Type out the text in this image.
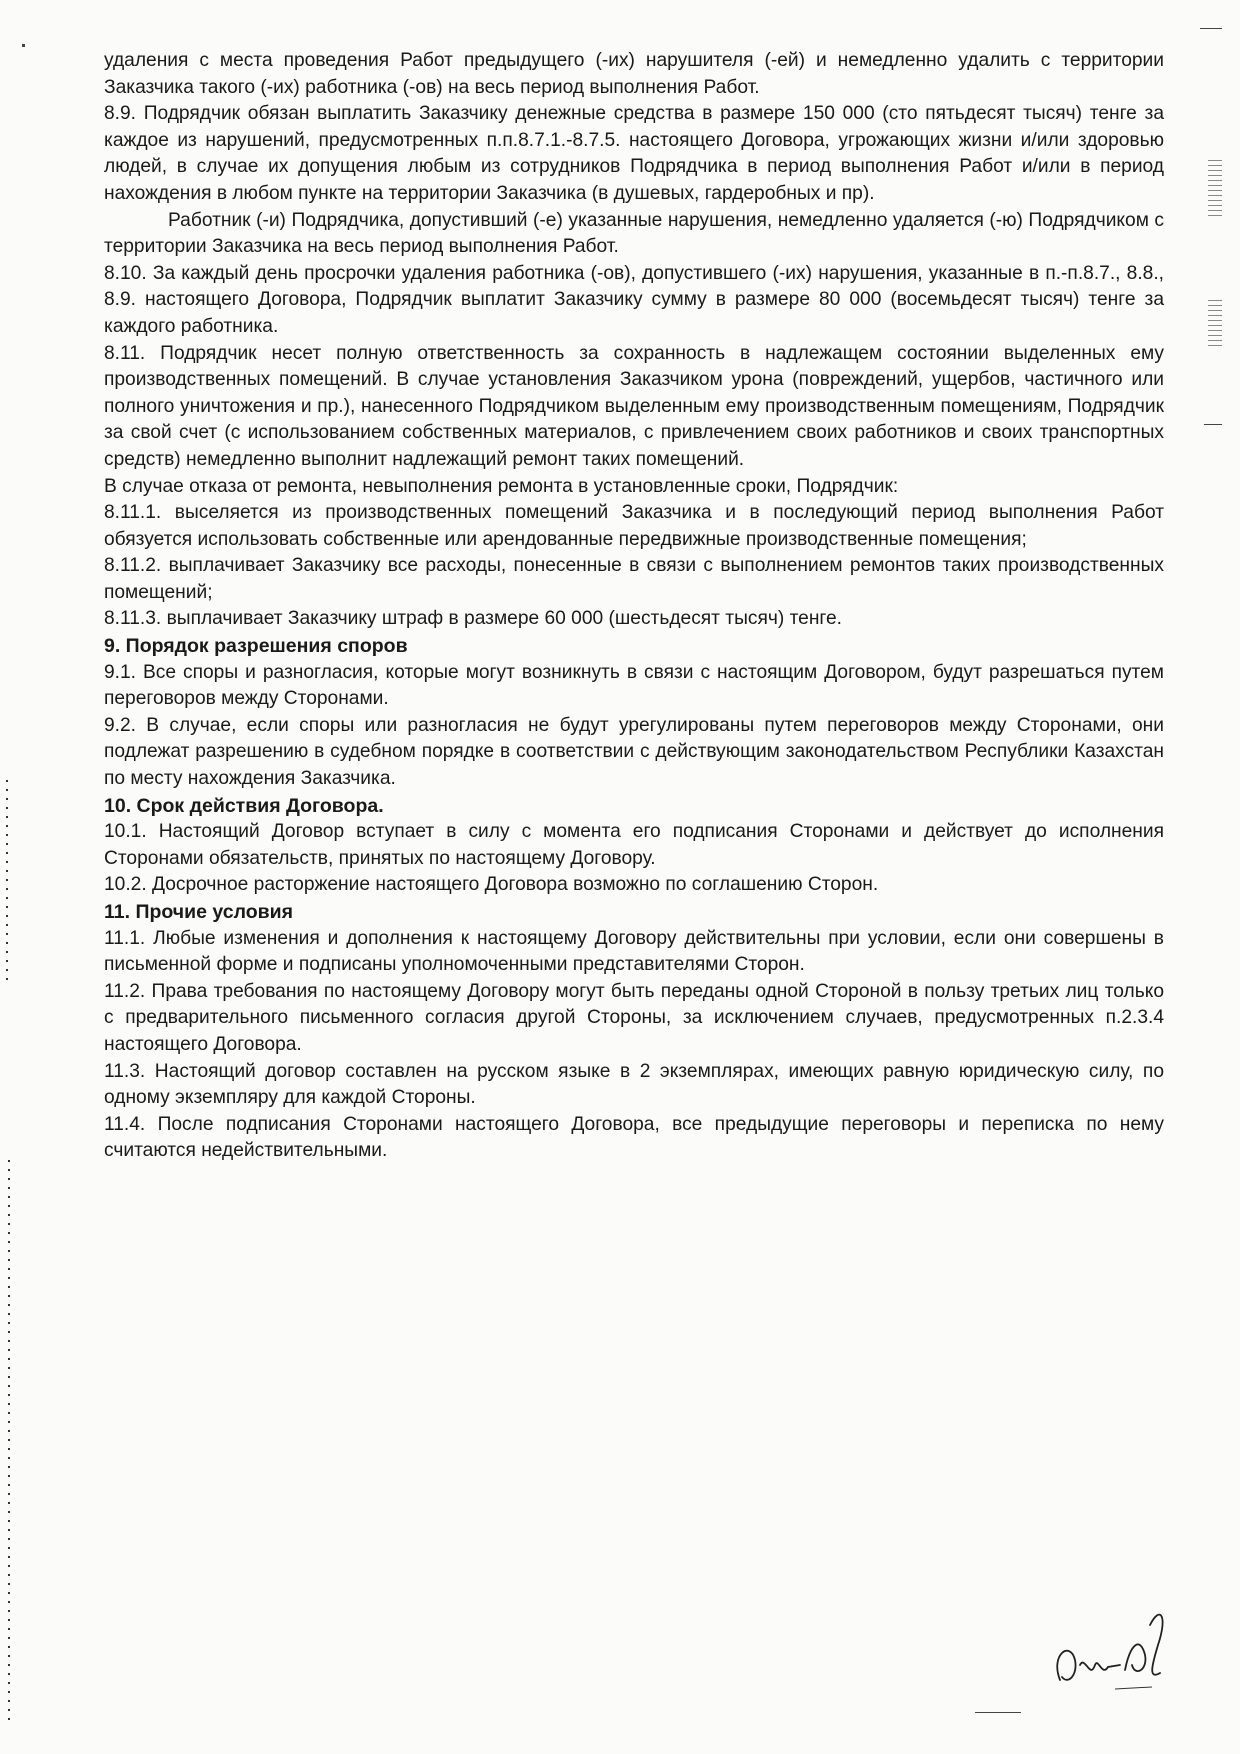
удаления с места проведения Работ предыдущего (-их) нарушителя (-ей) и немедленно удалить с территории Заказчика такого (-их) работника (-ов) на весь период выполнения Работ.

8.9. Подрядчик обязан выплатить Заказчику денежные средства в размере 150 000 (сто пятьдесят тысяч) тенге за каждое из нарушений, предусмотренных п.п.8.7.1.-8.7.5. настоящего Договора, угрожающих жизни и/или здоровью людей, в случае их допущения любым из сотрудников Подрядчика в период выполнения Работ и/или в период нахождения в любом пункте на территории Заказчика (в душевых, гардеробных и пр).

Работник (-и) Подрядчика, допустивший (-е) указанные нарушения, немедленно удаляется (-ю) Подрядчиком с территории Заказчика на весь период выполнения Работ.

8.10. За каждый день просрочки удаления работника (-ов), допустившего (-их) нарушения, указанные в п.-п.8.7., 8.8., 8.9. настоящего Договора, Подрядчик выплатит Заказчику сумму в размере 80 000 (восемьдесят тысяч) тенге за каждого работника.

8.11. Подрядчик несет полную ответственность за сохранность в надлежащем состоянии выделенных ему производственных помещений. В случае установления Заказчиком урона (повреждений, ущербов, частичного или полного уничтожения и пр.), нанесенного Подрядчиком выделенным ему производственным помещениям, Подрядчик за свой счет (с использованием собственных материалов, с привлечением своих работников и своих транспортных средств) немедленно выполнит надлежащий ремонт таких помещений.

В случае отказа от ремонта, невыполнения ремонта в установленные сроки, Подрядчик:

8.11.1. выселяется из производственных помещений Заказчика и в последующий период выполнения Работ обязуется использовать собственные или арендованные передвижные производственные помещения;

8.11.2. выплачивает Заказчику все расходы, понесенные в связи с выполнением ремонтов таких производственных помещений;

8.11.3. выплачивает Заказчику штраф в размере 60 000 (шестьдесят тысяч) тенге.

9. Порядок разрешения споров

9.1. Все споры и разногласия, которые могут возникнуть в связи с настоящим Договором, будут разрешаться путем переговоров между Сторонами.

9.2. В случае, если споры или разногласия не будут урегулированы путем переговоров между Сторонами, они подлежат разрешению в судебном порядке в соответствии с действующим законодательством Республики Казахстан по месту нахождения Заказчика.

10. Срок действия Договора.

10.1. Настоящий Договор вступает в силу с момента его подписания Сторонами и действует до исполнения Сторонами обязательств, принятых по настоящему Договору.

10.2. Досрочное расторжение настоящего Договора возможно по соглашению Сторон.

11. Прочие условия

11.1. Любые изменения и дополнения к настоящему Договору действительны при условии, если они совершены в письменной форме и подписаны уполномоченными представителями Сторон.

11.2. Права требования по настоящему Договору могут быть переданы одной Стороной в пользу третьих лиц только с предварительного письменного согласия другой Стороны, за исключением случаев, предусмотренных п.2.3.4 настоящего Договора.

11.3. Настоящий договор составлен на русском языке в 2 экземплярах, имеющих равную юридическую силу, по одному экземпляру для каждой Стороны.

11.4. После подписания Сторонами настоящего Договора, все предыдущие переговоры и переписка по нему считаются недействительными.
